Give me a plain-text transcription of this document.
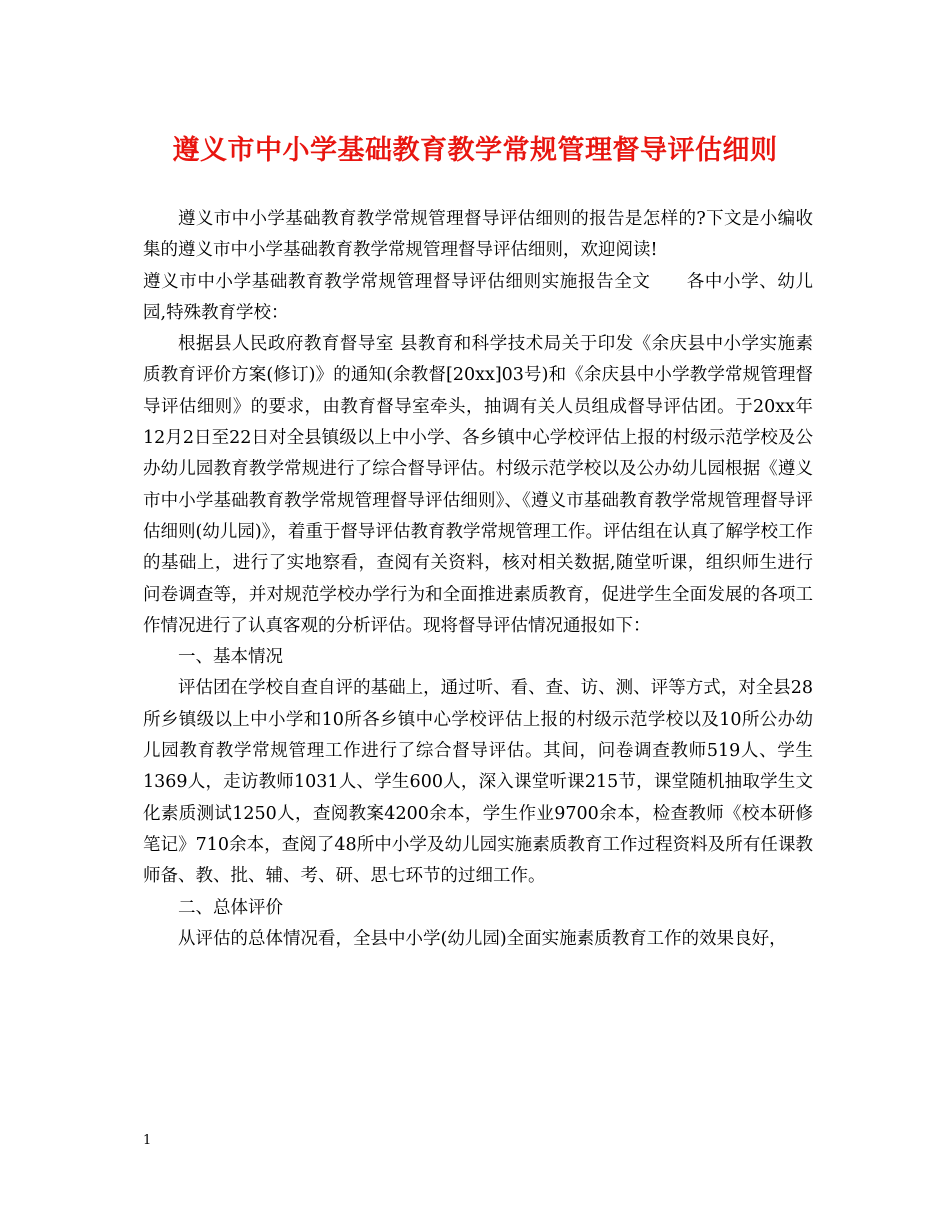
遵义市中小学基础教育教学常规管理督导评估细则

遵义市中小学基础教育教学常规管理督导评估细则的报告是怎样的?下文是小编收集的遵义市中小学基础教育教学常规管理督导评估细则，欢迎阅读!

遵义市中小学基础教育教学常规管理督导评估细则实施报告全文　　各中小学、幼儿园,特殊教育学校：

根据县人民政府教育督导室 县教育和科学技术局关于印发《余庆县中小学实施素质教育评价方案(修订)》的通知(余教督[20xx]03号)和《余庆县中小学教学常规管理督导评估细则》的要求，由教育督导室牵头，抽调有关人员组成督导评估团。于20xx年12月2日至22日对全县镇级以上中小学、各乡镇中心学校评估上报的村级示范学校及公办幼儿园教育教学常规进行了综合督导评估。村级示范学校以及公办幼儿园根据《遵义市中小学基础教育教学常规管理督导评估细则》、《遵义市基础教育教学常规管理督导评估细则(幼儿园)》，着重于督导评估教育教学常规管理工作。评估组在认真了解学校工作的基础上，进行了实地察看，查阅有关资料，核对相关数据,随堂听课，组织师生进行问卷调查等，并对规范学校办学行为和全面推进素质教育，促进学生全面发展的各项工作情况进行了认真客观的分析评估。现将督导评估情况通报如下：

一、基本情况

评估团在学校自查自评的基础上，通过听、看、查、访、测、评等方式，对全县28所乡镇级以上中小学和10所各乡镇中心学校评估上报的村级示范学校以及10所公办幼儿园教育教学常规管理工作进行了综合督导评估。其间，问卷调查教师519人、学生1369人，走访教师1031人、学生600人，深入课堂听课215节，课堂随机抽取学生文化素质测试1250人，查阅教案4200余本，学生作业9700余本，检查教师《校本研修笔记》710余本，查阅了48所中小学及幼儿园实施素质教育工作过程资料及所有任课教师备、教、批、辅、考、研、思七环节的过细工作。

二、总体评价

从评估的总体情况看，全县中小学(幼儿园)全面实施素质教育工作的效果良好，

1
